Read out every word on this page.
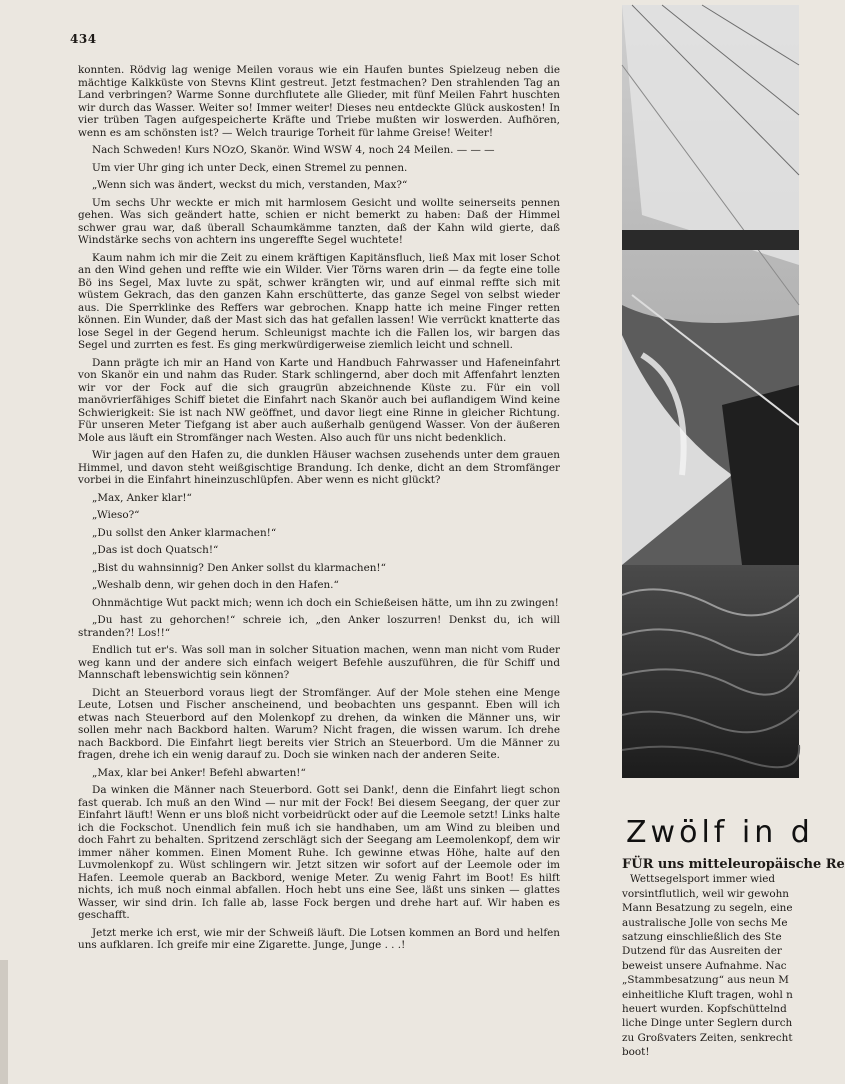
434

konnten. Rödvig lag wenige Meilen voraus wie ein Haufen buntes Spielzeug neben die mächtige Kalkküste von Stevns Klint gestreut. Jetzt festmachen? Den strahlenden Tag an Land verbringen? Warme Sonne durchflutete alle Glieder, mit fünf Meilen Fahrt huschten wir durch das Wasser. Weiter so! Immer weiter! Dieses neu entdeckte Glück auskosten! In vier trüben Tagen aufgespeicherte Kräfte und Triebe mußten wir loswerden. Aufhören, wenn es am schönsten ist? — Welch traurige Torheit für lahme Greise! Weiter!

Nach Schweden! Kurs NOzO, Skanör. Wind WSW 4, noch 24 Meilen. — — —

Um vier Uhr ging ich unter Deck, einen Stremel zu pennen.

„Wenn sich was ändert, weckst du mich, verstanden, Max?“

Um sechs Uhr weckte er mich mit harmlosem Gesicht und wollte seinerseits pennen gehen. Was sich geändert hatte, schien er nicht bemerkt zu haben: Daß der Himmel schwer grau war, daß überall Schaumkämme tanzten, daß der Kahn wild gierte, daß Windstärke sechs von achtern ins ungereffte Segel wuchtete!

Kaum nahm ich mir die Zeit zu einem kräftigen Kapitänsfluch, ließ Max mit loser Schot an den Wind gehen und reffte wie ein Wilder. Vier Törns waren drin — da fegte eine tolle Bö ins Segel, Max luvte zu spät, schwer krängten wir, und auf einmal reffte sich mit wüstem Gekrach, das den ganzen Kahn erschütterte, das ganze Segel von selbst wieder aus. Die Sperrklinke des Reffers war gebrochen. Knapp hatte ich meine Finger retten können. Ein Wunder, daß der Mast sich das hat gefallen lassen! Wie verrückt knatterte das lose Segel in der Gegend herum. Schleunigst machte ich die Fallen los, wir bargen das Segel und zurrten es fest. Es ging merkwürdigerweise ziemlich leicht und schnell.

Dann prägte ich mir an Hand von Karte und Handbuch Fahrwasser und Hafeneinfahrt von Skanör ein und nahm das Ruder. Stark schlingernd, aber doch mit Affenfahrt lenzten wir vor der Fock auf die sich graugrün abzeichnende Küste zu. Für ein voll manövrierfähiges Schiff bietet die Einfahrt nach Skanör auch bei auflandigem Wind keine Schwierigkeit: Sie ist nach NW geöffnet, und davor liegt eine Rinne in gleicher Richtung. Für unseren Meter Tiefgang ist aber auch außerhalb genügend Wasser. Von der äußeren Mole aus läuft ein Stromfänger nach Westen. Also auch für uns nicht bedenklich.

Wir jagen auf den Hafen zu, die dunklen Häuser wachsen zusehends unter dem grauen Himmel, und davon steht weißgischtige Brandung. Ich denke, dicht an dem Stromfänger vorbei in die Einfahrt hineinzuschlüpfen. Aber wenn es nicht glückt?

„Max, Anker klar!“

„Wieso?“

„Du sollst den Anker klarmachen!“

„Das ist doch Quatsch!“

„Bist du wahnsinnig? Den Anker sollst du klarmachen!“

„Weshalb denn, wir gehen doch in den Hafen.“

Ohnmächtige Wut packt mich; wenn ich doch ein Schießeisen hätte, um ihn zu zwingen!

„Du hast zu gehorchen!“ schreie ich, „den Anker loszurren! Denkst du, ich will stranden?! Los!!“

Endlich tut er's. Was soll man in solcher Situation machen, wenn man nicht vom Ruder weg kann und der andere sich einfach weigert Befehle auszuführen, die für Schiff und Mannschaft lebenswichtig sein können?

Dicht an Steuerbord voraus liegt der Stromfänger. Auf der Mole stehen eine Menge Leute, Lotsen und Fischer anscheinend, und beobachten uns gespannt. Eben will ich etwas nach Steuerbord auf den Molenkopf zu drehen, da winken die Männer uns, wir sollen mehr nach Backbord halten. Warum? Nicht fragen, die wissen warum. Ich drehe nach Backbord. Die Einfahrt liegt bereits vier Strich an Steuerbord. Um die Männer zu fragen, drehe ich ein wenig darauf zu. Doch sie winken nach der anderen Seite.

„Max, klar bei Anker! Befehl abwarten!“

Da winken die Männer nach Steuerbord. Gott sei Dank!, denn die Einfahrt liegt schon fast querab. Ich muß an den Wind — nur mit der Fock! Bei diesem Seegang, der quer zur Einfahrt läuft! Wenn er uns bloß nicht vorbeidrückt oder auf die Leemole setzt! Links halte ich die Fockschot. Unendlich fein muß ich sie handhaben, um am Wind zu bleiben und doch Fahrt zu behalten. Spritzend zerschlägt sich der Seegang am Leemolenkopf, dem wir immer näher kommen. Einen Moment Ruhe. Ich gewinne etwas Höhe, halte auf den Luvmolenkopf zu. Wüst schlingern wir. Jetzt sitzen wir sofort auf der Leemole oder im Hafen. Leemole querab an Backbord, wenige Meter. Zu wenig Fahrt im Boot! Es hilft nichts, ich muß noch einmal abfallen. Hoch hebt uns eine See, läßt uns sinken — glattes Wasser, wir sind drin. Ich falle ab, lasse Fock bergen und drehe hart auf. Wir haben es geschafft.

Jetzt merke ich erst, wie mir der Schweiß läuft. Die Lotsen kommen an Bord und helfen uns aufklaren. Ich greife mir eine Zigarette. Junge, Junge . . .!

Zwölf in d
FÜR uns mitteleuropäische Re
Wettsegelsport immer wied
vorsintflutlich, weil wir gewohn
Mann Besatzung zu segeln, eine
australische Jolle von sechs Me
satzung einschließlich des Ste
Dutzend für das Ausreiten der
beweist unsere Aufnahme. Nac
„Stammbesatzung“ aus neun M
einheitliche Kluft tragen, wohl n
heuert wurden. Kopfschüttelnd
liche Dinge unter Seglern durch
zu Großvaters Zeiten, senkrecht
boot!
